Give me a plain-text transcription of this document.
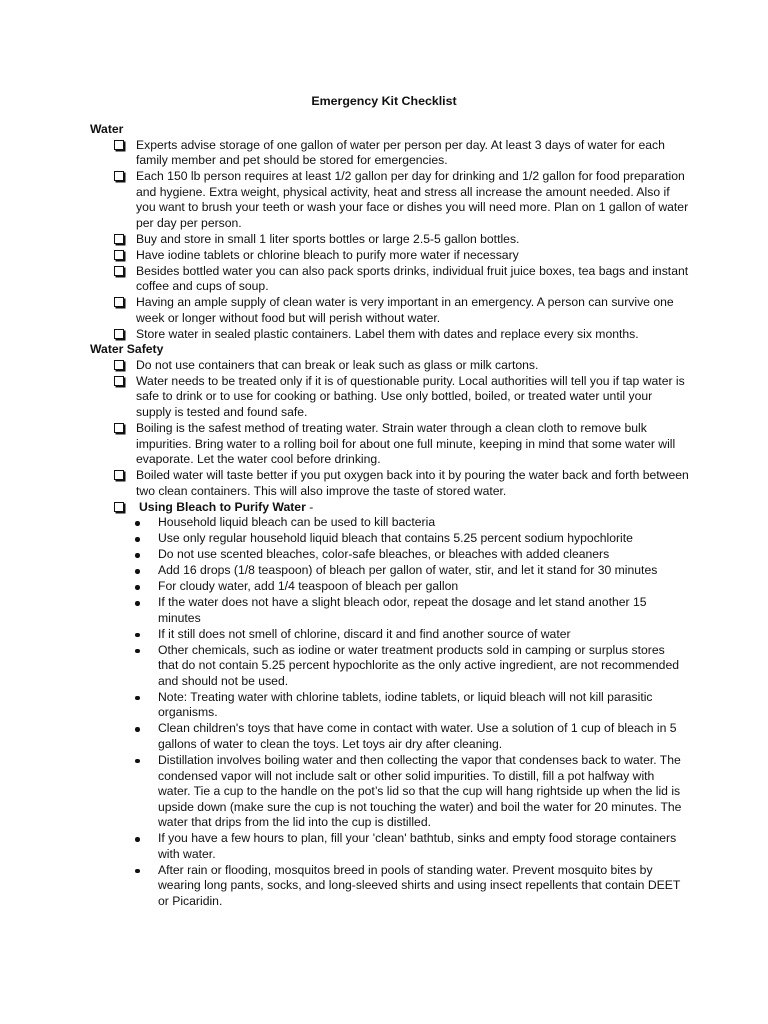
Emergency Kit Checklist
Water
Experts advise storage of one gallon of water per person per day. At least 3 days of water for each family member and pet should be stored for emergencies.
Each 150 lb person requires at least 1/2 gallon per day for drinking and 1/2 gallon for food preparation and hygiene. Extra weight, physical activity, heat and stress all increase the amount needed. Also if you want to brush your teeth or wash your face or dishes you will need more. Plan on 1 gallon of water per day per person.
Buy and store in small 1 liter sports bottles or large 2.5-5 gallon bottles.
Have iodine tablets or chlorine bleach to purify more water if necessary
Besides bottled water you can also pack sports drinks, individual fruit juice boxes, tea bags and instant coffee and cups of soup.
Having an ample supply of clean water is very important in an emergency. A person can survive one week or longer without food but will perish without water.
Store water in sealed plastic containers. Label them with dates and replace every six months.
Water Safety
Do not use containers that can break or leak such as glass or milk cartons.
Water needs to be treated only if it is of questionable purity. Local authorities will tell you if tap water is safe to drink or to use for cooking or bathing. Use only bottled, boiled, or treated water until your supply is tested and found safe.
Boiling is the safest method of treating water. Strain water through a clean cloth to remove bulk impurities. Bring water to a rolling boil for about one full minute, keeping in mind that some water will evaporate. Let the water cool before drinking.
Boiled water will taste better if you put oxygen back into it by pouring the water back and forth between two clean containers. This will also improve the taste of stored water.
Using Bleach to Purify Water -
Household liquid bleach can be used to kill bacteria
Use only regular household liquid bleach that contains 5.25 percent sodium hypochlorite
Do not use scented bleaches, color-safe bleaches, or bleaches with added cleaners
Add 16 drops (1/8 teaspoon) of bleach per gallon of water, stir, and let it stand for 30 minutes
For cloudy water, add 1/4 teaspoon of bleach per gallon
If the water does not have a slight bleach odor, repeat the dosage and let stand another 15 minutes
If it still does not smell of chlorine, discard it and find another source of water
Other chemicals, such as iodine or water treatment products sold in camping or surplus stores that do not contain 5.25 percent hypochlorite as the only active ingredient, are not recommended and should not be used.
Note: Treating water with chlorine tablets, iodine tablets, or liquid bleach will not kill parasitic organisms.
Clean children's toys that have come in contact with water. Use a solution of 1 cup of bleach in 5 gallons of water to clean the toys. Let toys air dry after cleaning.
Distillation involves boiling water and then collecting the vapor that condenses back to water. The condensed vapor will not include salt or other solid impurities. To distill, fill a pot halfway with water. Tie a cup to the handle on the pot’s lid so that the cup will hang rightside up when the lid is upside down (make sure the cup is not touching the water) and boil the water for 20 minutes. The water that drips from the lid into the cup is distilled.
If you have a few hours to plan, fill your 'clean' bathtub, sinks and empty food storage containers with water.
After rain or flooding, mosquitos breed in pools of standing water. Prevent mosquito bites by wearing long pants, socks, and long-sleeved shirts and using insect repellents that contain DEET or Picaridin.
